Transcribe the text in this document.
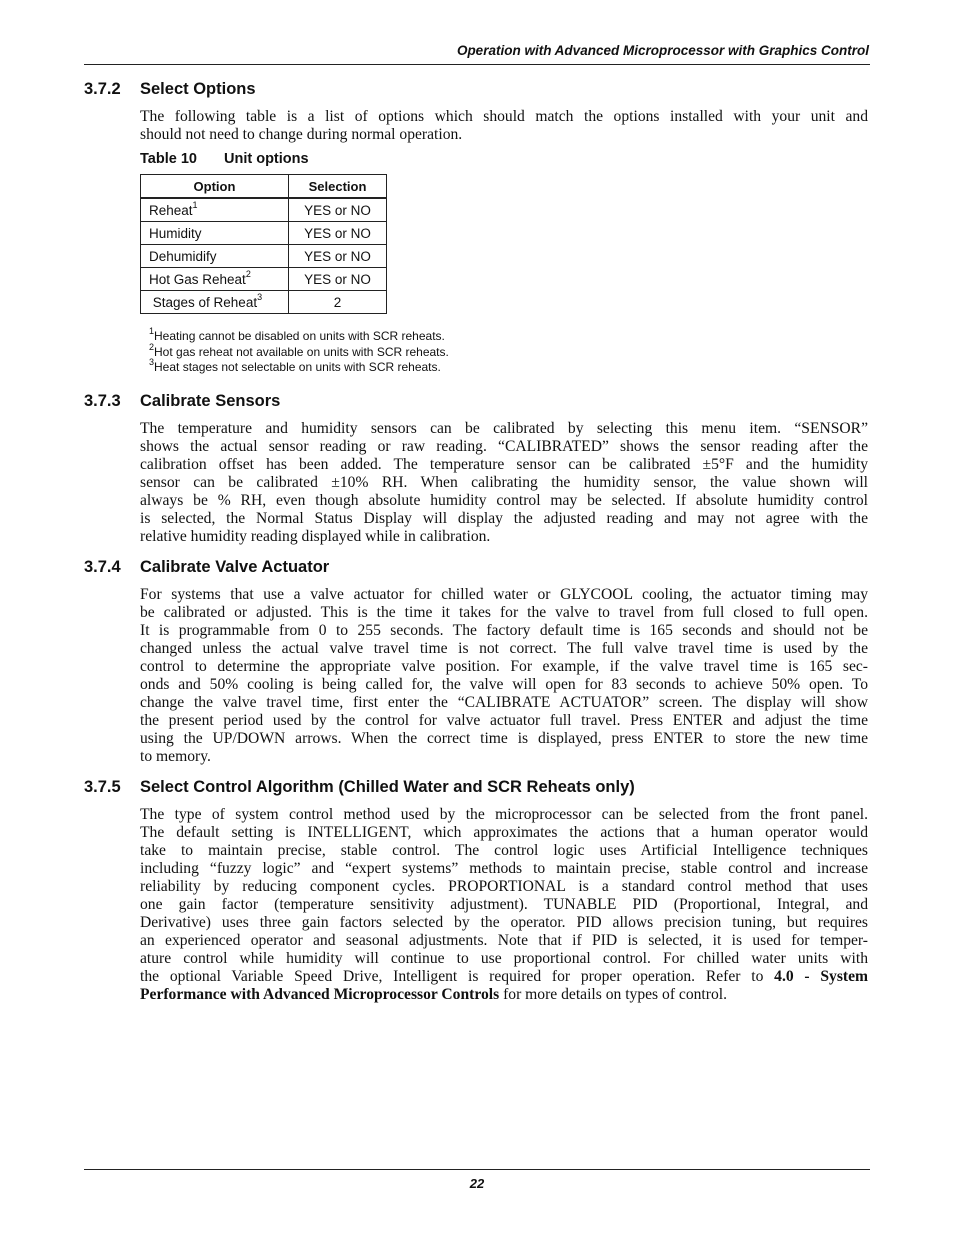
Operation with Advanced Microprocessor with Graphics Control
3.7.2 Select Options
The following table is a list of options which should match the options installed with your unit and
should not need to change during normal operation.
Table 10 Unit options
Option	Selection
Reheat$^1$	YES or NO
Humidity	YES or NO
Dehumidify	YES or NO
Hot Gas Reheat$^2$	YES or NO
Stages of Reheat$^3$	2
$^1$Heating cannot be disabled on units with SCR reheats.
$^2$Hot gas reheat not available on units with SCR reheats.
$^3$Heat stages not selectable on units with SCR reheats.
3.7.3 Calibrate Sensors
The temperature and humidity sensors can be calibrated by selecting this menu item. “SENSOR”
shows the actual sensor reading or raw reading. “CALIBRATED” shows the sensor reading after the
calibration offset has been added. The temperature sensor can be calibrated ±5°F and the humidity
sensor can be calibrated ±10% RH. When calibrating the humidity sensor, the value shown will
always be % RH, even though absolute humidity control may be selected. If absolute humidity control
is selected, the Normal Status Display will display the adjusted reading and may not agree with the
relative humidity reading displayed while in calibration.
3.7.4 Calibrate Valve Actuator
For systems that use a valve actuator for chilled water or GLYCOOL cooling, the actuator timing may
be calibrated or adjusted. This is the time it takes for the valve to travel from full closed to full open.
It is programmable from 0 to 255 seconds. The factory default time is 165 seconds and should not be
changed unless the actual valve travel time is not correct. The full valve travel time is used by the
control to determine the appropriate valve position. For example, if the valve travel time is 165 sec-
onds and 50% cooling is being called for, the valve will open for 83 seconds to achieve 50% open. To
change the valve travel time, first enter the “CALIBRATE ACTUATOR” screen. The display will show
the present period used by the control for valve actuator full travel. Press ENTER and adjust the time
using the UP/DOWN arrows. When the correct time is displayed, press ENTER to store the new time
to memory.
3.7.5 Select Control Algorithm (Chilled Water and SCR Reheats only)
The type of system control method used by the microprocessor can be selected from the front panel.
The default setting is INTELLIGENT, which approximates the actions that a human operator would
take to maintain precise, stable control. The control logic uses Artificial Intelligence techniques
including “fuzzy logic” and “expert systems” methods to maintain precise, stable control and increase
reliability by reducing component cycles. PROPORTIONAL is a standard control method that uses
one gain factor (temperature sensitivity adjustment). TUNABLE PID (Proportional, Integral, and
Derivative) uses three gain factors selected by the operator. PID allows precision tuning, but requires
an experienced operator and seasonal adjustments. Note that if PID is selected, it is used for temper-
ature control while humidity will continue to use proportional control. For chilled water units with
the optional Variable Speed Drive, Intelligent is required for proper operation. Refer to 4.0 - System
Performance with Advanced Microprocessor Controls for more details on types of control.
22
